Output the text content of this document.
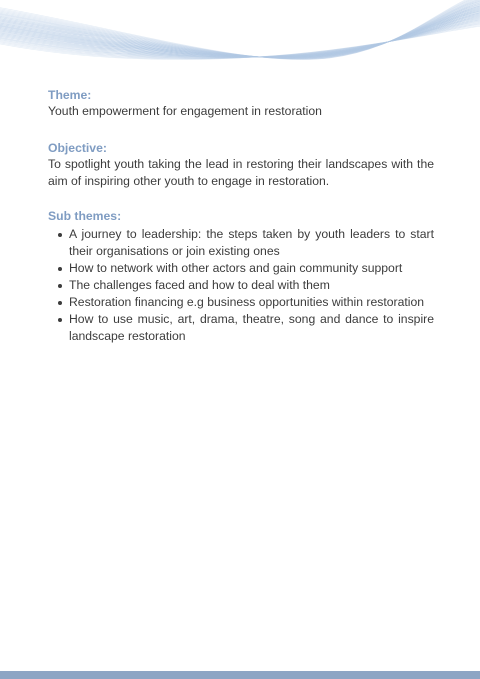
Theme:

Youth empowerment for engagement in restoration

Objective:

To spotlight youth taking the lead in restoring their landscapes with the aim of inspiring other youth to engage in restoration.

Sub themes:

A journey to leadership: the steps taken by youth leaders to start their organisations or join existing ones
How to network with other actors and gain community support
The challenges faced and how to deal with them
Restoration financing e.g business opportunities within restoration
How to use music, art, drama, theatre, song and dance to inspire landscape restoration
